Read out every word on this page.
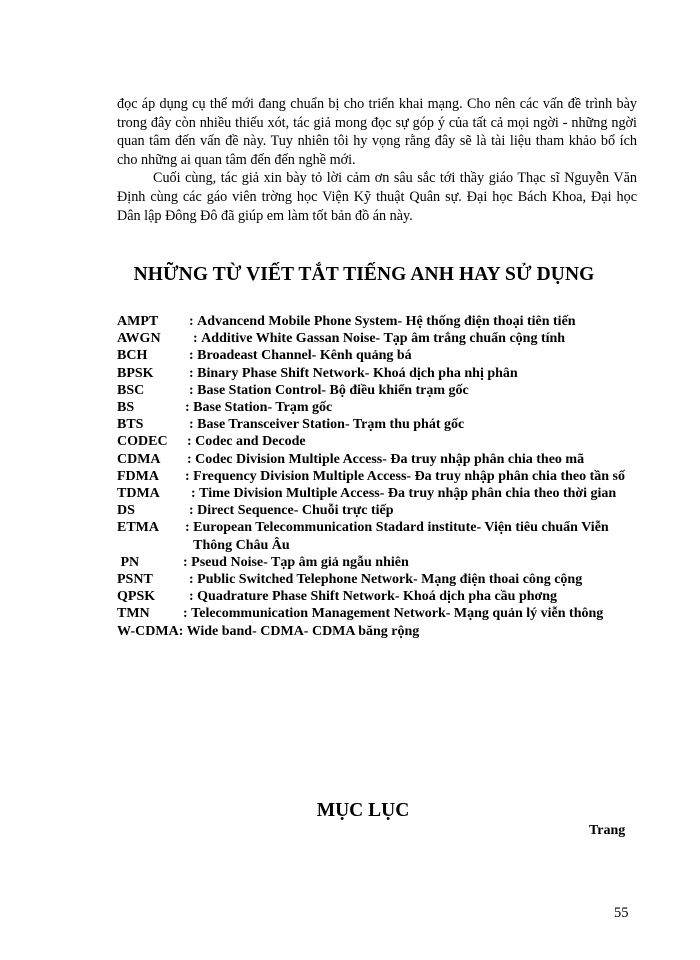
đọc áp dụng cụ thể mới đang chuẩn bị cho triển khai mạng. Cho nên các vấn đề trình bày trong đây còn nhiều thiếu xót, tác giả mong đọc sự góp ý của tất cả mọi ngời - những ngời quan tâm đến vấn đề này. Tuy nhiên tôi hy vọng rằng đây sẽ là tài liệu tham khảo bổ ích cho những ai quan tâm đến đến nghề mới.

Cuối cùng, tác giả xin bày tỏ lời cảm ơn sâu sắc tới thầy giáo Thạc sĩ Nguyễn Văn Định cùng các gáo viên trờng học Viện Kỹ thuật Quân sự. Đại học Bách Khoa, Đại học Dân lập Đông Đô đã giúp em làm tốt bản đồ án này.

NHỮNG TỪ VIẾT TẮT TIẾNG ANH HAY SỬ DỤNG
AMPT	: Advancend Mobile Phone System- Hệ thống điện thoại tiên tiến
AWGN	: Additive White Gassan Noise- Tạp âm trắng chuẩn cộng tính
BCH	: Broadeast Channel- Kênh quảng bá
BPSK	: Binary Phase Shift Network- Khoá dịch pha nhị phân
BSC	: Base Station Control- Bộ điều khiển trạm gốc
BS	: Base Station- Trạm gốc
BTS	: Base Transceiver Station- Trạm thu phát gốc
CODEC	: Codec and Decode
CDMA	: Codec Division Multiple Access- Đa truy nhập phân chia theo mã
FDMA	: Frequency Division Multiple Access- Đa truy nhập phân chia theo tần số
TDMA	: Time Division Multiple Access- Đa truy nhập phân chia theo thời gian
DS	: Direct Sequence- Chuỗi trực tiếp
ETMA	: European Telecommunication Stadard institute- Viện tiêu chuẩn Viễn Thông Châu Âu
PN	: Pseud Noise- Tạp âm giả ngẫu nhiên
PSNT	: Public Switched Telephone Network- Mạng điện thoai công cộng
QPSK	: Quadrature Phase Shift Network- Khoá dịch pha cầu phơng
TMN	: Telecommunication Management Network- Mạng quản lý viễn thông
W-CDMA: Wide band- CDMA- CDMA băng rộng
MỤC LỤC
Trang
55
